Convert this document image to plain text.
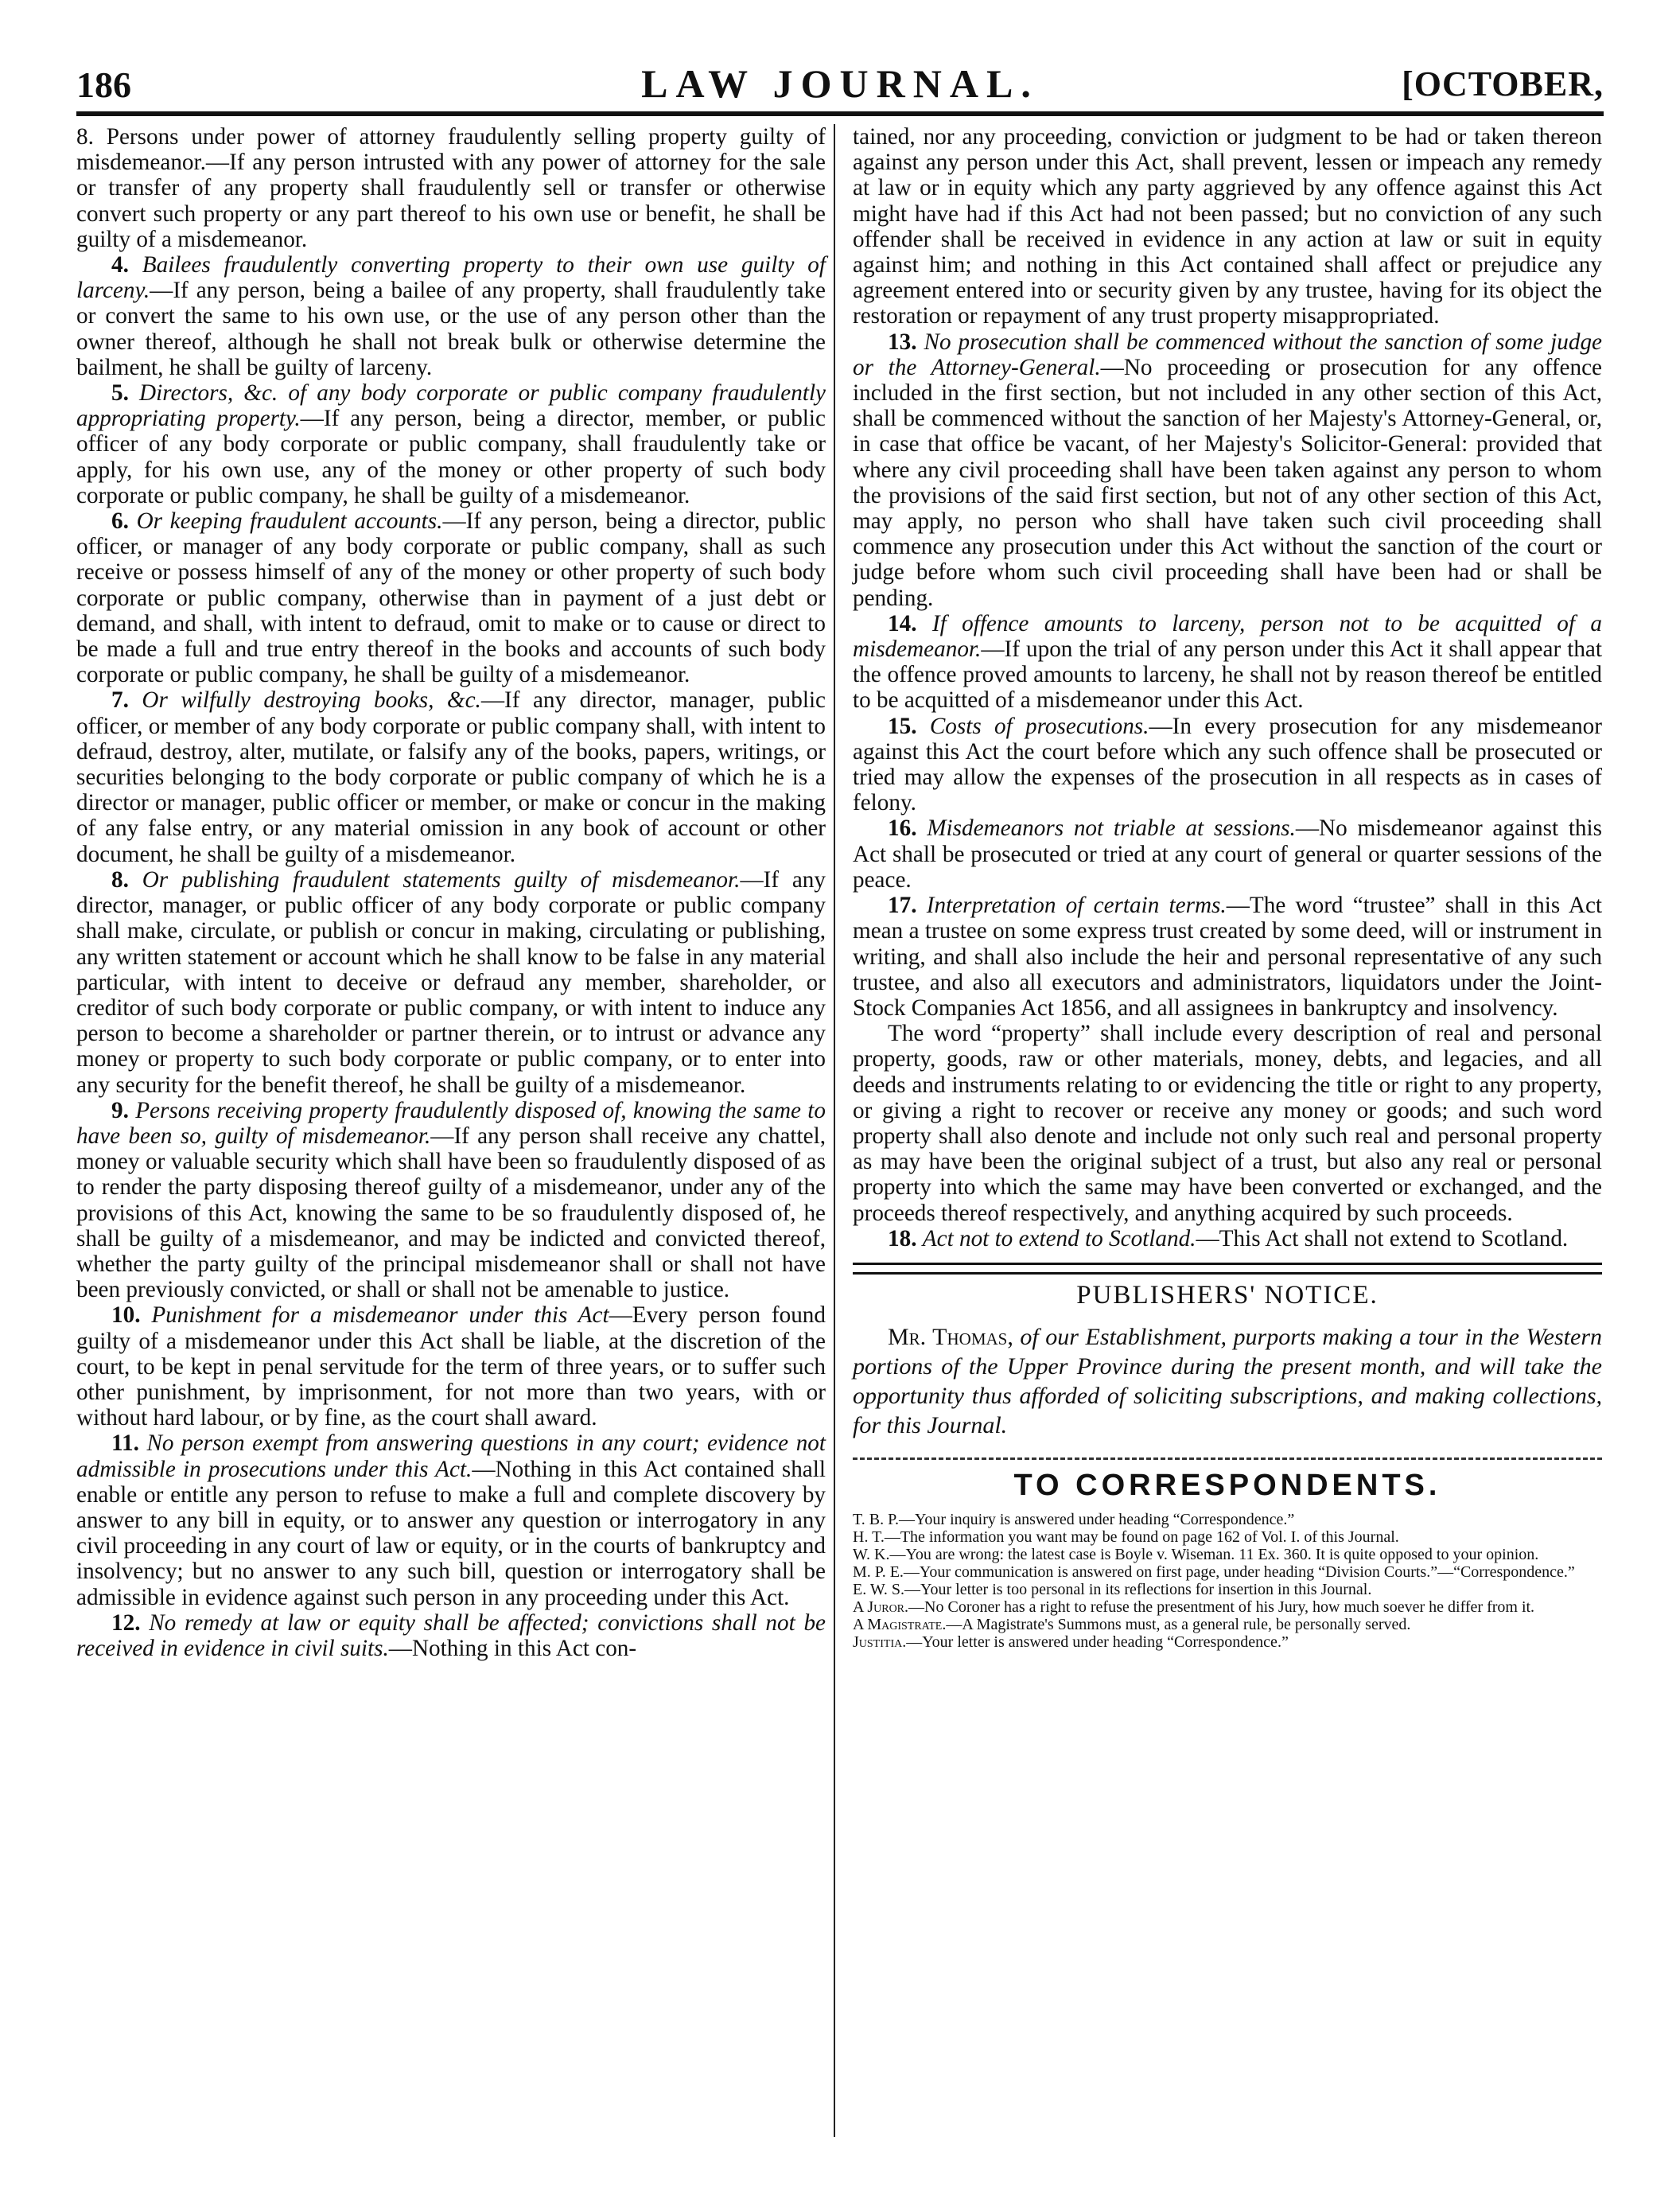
186	LAW JOURNAL.	[OCTOBER,

8. Persons under power of attorney fraudulently selling property guilty of misdemeanor.—If any person intrusted with any power of attorney for the sale or transfer of any property shall fraudulently sell or transfer or otherwise convert such property or any part thereof to his own use or benefit, he shall be guilty of a misdemeanor.

4. Bailees fraudulently converting property to their own use guilty of larceny.—If any person, being a bailee of any property, shall fraudulently take or convert the same to his own use, or the use of any person other than the owner thereof, although he shall not break bulk or otherwise determine the bailment, he shall be guilty of larceny.

5. Directors, &c. of any body corporate or public company fraudulently appropriating property.—If any person, being a director, member, or public officer of any body corporate or public company, shall fraudulently take or apply, for his own use, any of the money or other property of such body corporate or public company, he shall be guilty of a misdemeanor.

6. Or keeping fraudulent accounts.—If any person, being a director, public officer, or manager of any body corporate or public company, shall as such receive or possess himself of any of the money or other property of such body corporate or public company, otherwise than in payment of a just debt or demand, and shall, with intent to defraud, omit to make or to cause or direct to be made a full and true entry thereof in the books and accounts of such body corporate or public company, he shall be guilty of a misdemeanor.

7. Or wilfully destroying books, &c.—If any director, manager, public officer, or member of any body corporate or public company shall, with intent to defraud, destroy, alter, mutilate, or falsify any of the books, papers, writings, or securities belonging to the body corporate or public company of which he is a director or manager, public officer or member, or make or concur in the making of any false entry, or any material omission in any book of account or other document, he shall be guilty of a misdemeanor.

8. Or publishing fraudulent statements guilty of misdemeanor.—If any director, manager, or public officer of any body corporate or public company shall make, circulate, or publish or concur in making, circulating or publishing, any written statement or account which he shall know to be false in any material particular, with intent to deceive or defraud any member, shareholder, or creditor of such body corporate or public company, or with intent to induce any person to become a shareholder or partner therein, or to intrust or advance any money or property to such body corporate or public company, or to enter into any security for the benefit thereof, he shall be guilty of a misdemeanor.

9. Persons receiving property fraudulently disposed of, knowing the same to have been so, guilty of misdemeanor.—If any person shall receive any chattel, money or valuable security which shall have been so fraudulently disposed of as to render the party disposing thereof guilty of a misdemeanor, under any of the provisions of this Act, knowing the same to be so fraudulently disposed of, he shall be guilty of a misdemeanor, and may be indicted and convicted thereof, whether the party guilty of the principal misdemeanor shall or shall not have been previously convicted, or shall or shall not be amenable to justice.

10. Punishment for a misdemeanor under this Act—Every person found guilty of a misdemeanor under this Act shall be liable, at the discretion of the court, to be kept in penal servitude for the term of three years, or to suffer such other punishment, by imprisonment, for not more than two years, with or without hard labour, or by fine, as the court shall award.

11. No person exempt from answering questions in any court; evidence not admissible in prosecutions under this Act.—Nothing in this Act contained shall enable or entitle any person to refuse to make a full and complete discovery by answer to any bill in equity, or to answer any question or interrogatory in any civil proceeding in any court of law or equity, or in the courts of bankruptcy and insolvency; but no answer to any such bill, question or interrogatory shall be admissible in evidence against such person in any proceeding under this Act.

12. No remedy at law or equity shall be affected; convictions shall not be received in evidence in civil suits.—Nothing in this Act con-

tained, nor any proceeding, conviction or judgment to be had or taken thereon against any person under this Act, shall prevent, lessen or impeach any remedy at law or in equity which any party aggrieved by any offence against this Act might have had if this Act had not been passed; but no conviction of any such offender shall be received in evidence in any action at law or suit in equity against him; and nothing in this Act contained shall affect or prejudice any agreement entered into or security given by any trustee, having for its object the restoration or repayment of any trust property misappropriated.

13. No prosecution shall be commenced without the sanction of some judge or the Attorney-General.—No proceeding or prosecution for any offence included in the first section, but not included in any other section of this Act, shall be commenced without the sanction of her Majesty's Attorney-General, or, in case that office be vacant, of her Majesty's Solicitor-General: provided that where any civil proceeding shall have been taken against any person to whom the provisions of the said first section, but not of any other section of this Act, may apply, no person who shall have taken such civil proceeding shall commence any prosecution under this Act without the sanction of the court or judge before whom such civil proceeding shall have been had or shall be pending.

14. If offence amounts to larceny, person not to be acquitted of a misdemeanor.—If upon the trial of any person under this Act it shall appear that the offence proved amounts to larceny, he shall not by reason thereof be entitled to be acquitted of a misdemeanor under this Act.

15. Costs of prosecutions.—In every prosecution for any misdemeanor against this Act the court before which any such offence shall be prosecuted or tried may allow the expenses of the prosecution in all respects as in cases of felony.

16. Misdemeanors not triable at sessions.—No misdemeanor against this Act shall be prosecuted or tried at any court of general or quarter sessions of the peace.

17. Interpretation of certain terms.—The word “trustee” shall in this Act mean a trustee on some express trust created by some deed, will or instrument in writing, and shall also include the heir and personal representative of any such trustee, and also all executors and administrators, liquidators under the Joint-Stock Companies Act 1856, and all assignees in bankruptcy and insolvency.

The word “property” shall include every description of real and personal property, goods, raw or other materials, money, debts, and legacies, and all deeds and instruments relating to or evidencing the title or right to any property, or giving a right to recover or receive any money or goods; and such word property shall also denote and include not only such real and personal property as may have been the original subject of a trust, but also any real or personal property into which the same may have been converted or exchanged, and the proceeds thereof respectively, and anything acquired by such proceeds.

18. Act not to extend to Scotland.—This Act shall not extend to Scotland.

PUBLISHERS' NOTICE.

Mr. Thomas, of our Establishment, purports making a tour in the Western portions of the Upper Province during the present month, and will take the opportunity thus afforded of soliciting subscriptions, and making collections, for this Journal.

TO CORRESPONDENTS.

T. B. P.—Your inquiry is answered under heading “Correspondence.”

H. T.—The information you want may be found on page 162 of Vol. I. of this Journal.

W. K.—You are wrong: the latest case is Boyle v. Wiseman. 11 Ex. 360. It is quite opposed to your opinion.

M. P. E.—Your communication is answered on first page, under heading “Division Courts.”—“Correspondence.”

E. W. S.—Your letter is too personal in its reflections for insertion in this Journal.

A Juror.—No Coroner has a right to refuse the presentment of his Jury, how much soever he differ from it.

A Magistrate.—A Magistrate's Summons must, as a general rule, be personally served.

Justitia.—Your letter is answered under heading “Correspondence.”
